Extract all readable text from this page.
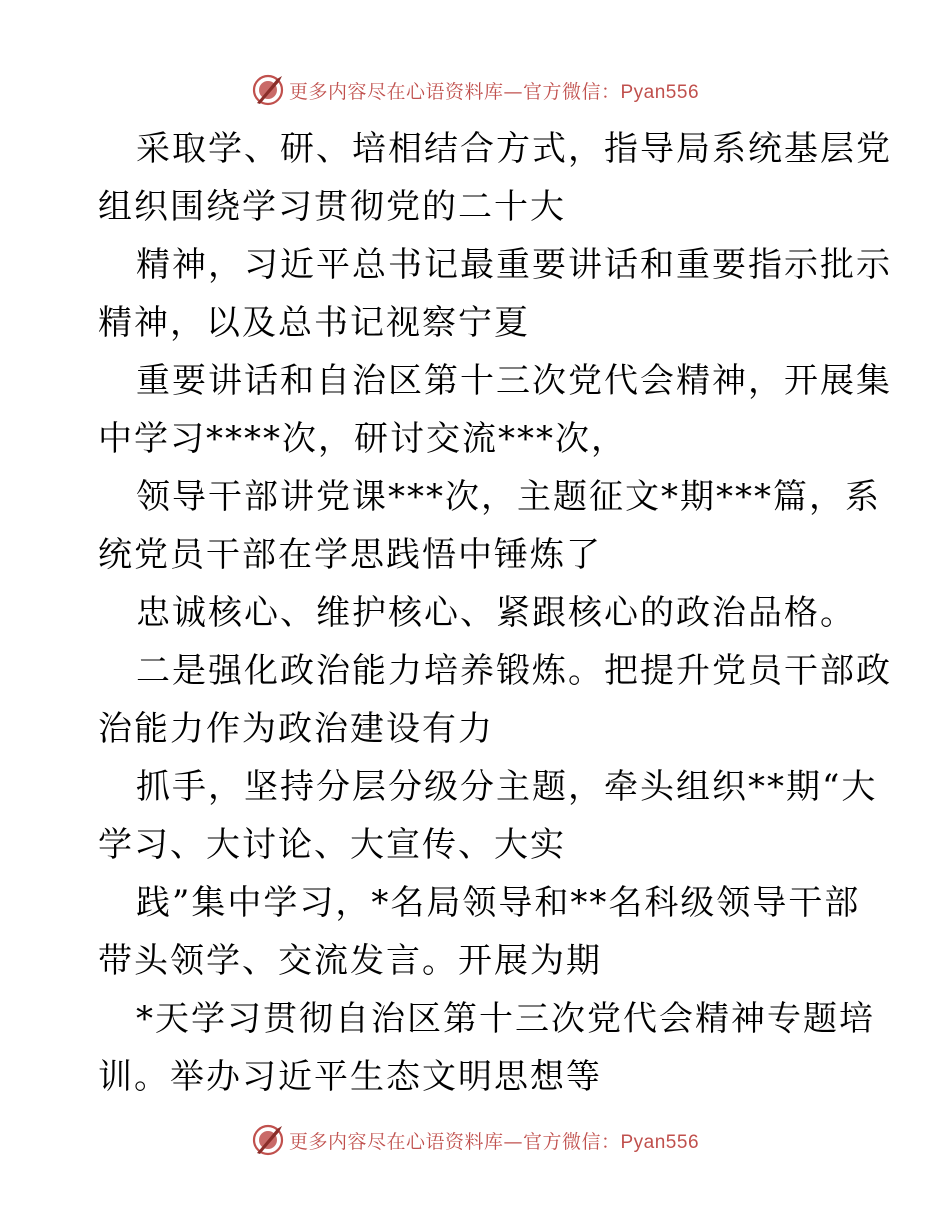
更多内容尽在心语资料库—官方微信：Pyan556
采取学、研、培相结合方式，指导局系统基层党
组织围绕学习贯彻党的二十大
精神，习近平总书记最重要讲话和重要指示批示
精神，以及总书记视察宁夏
重要讲话和自治区第十三次党代会精神，开展集
中学习****次，研讨交流***次，
领导干部讲党课***次，主题征文*期***篇，系
统党员干部在学思践悟中锤炼了
忠诚核心、维护核心、紧跟核心的政治品格。
二是强化政治能力培养锻炼。把提升党员干部政
治能力作为政治建设有力
抓手，坚持分层分级分主题，牵头组织**期“大
学习、大讨论、大宣传、大实
践”集中学习，*名局领导和**名科级领导干部
带头领学、交流发言。开展为期
*天学习贯彻自治区第十三次党代会精神专题培
训。举办习近平生态文明思想等
更多内容尽在心语资料库—官方微信：Pyan556
